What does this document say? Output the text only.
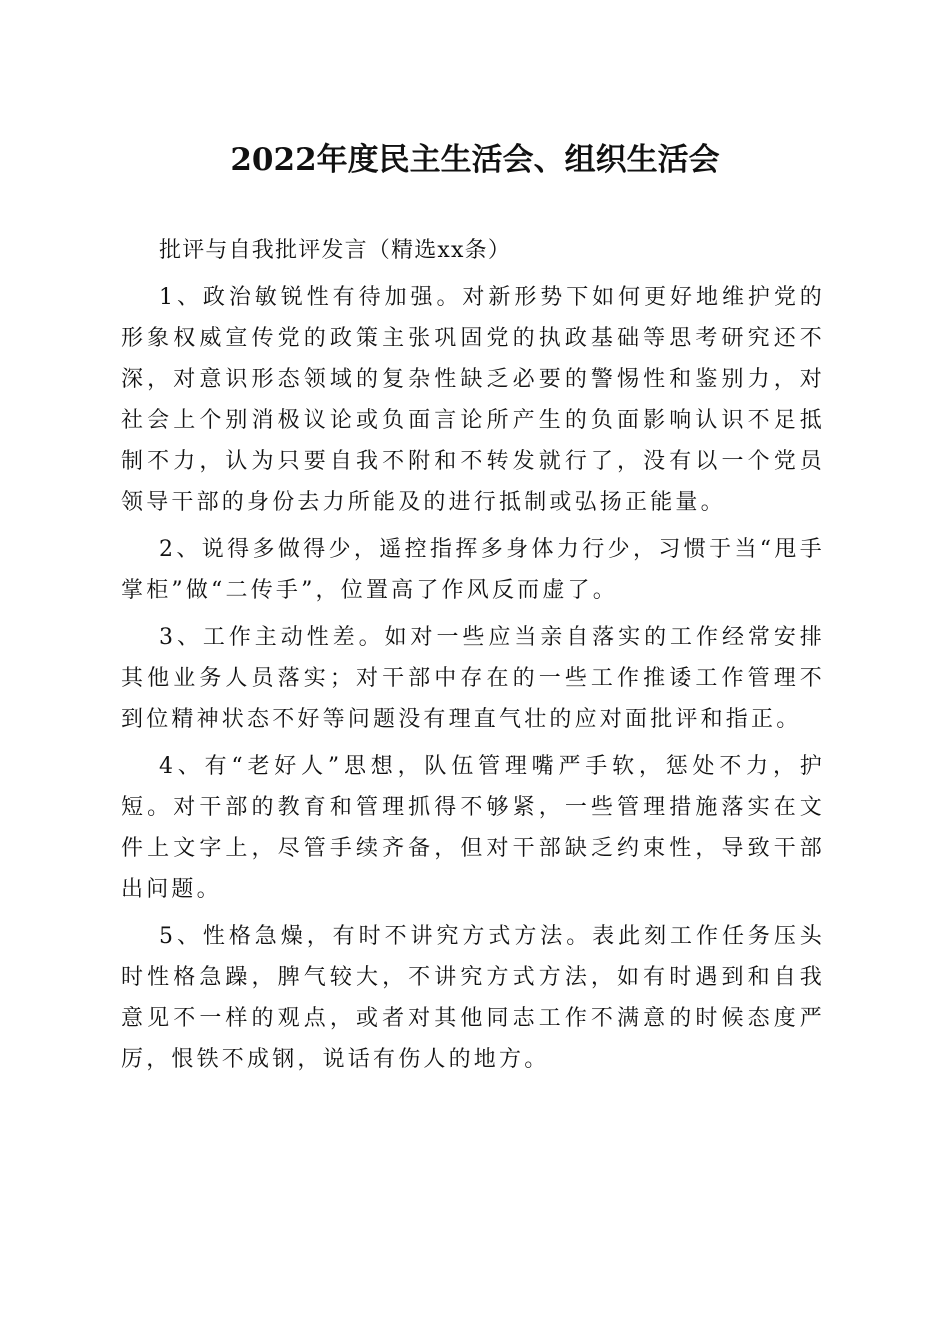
2022年度民主生活会、组织生活会

批评与自我批评发言（精选xx条）

1、政治敏锐性有待加强。对新形势下如何更好地维护党的形象权威宣传党的政策主张巩固党的执政基础等思考研究还不深，对意识形态领域的复杂性缺乏必要的警惕性和鉴别力，对社会上个别消极议论或负面言论所产生的负面影响认识不足抵制不力，认为只要自我不附和不转发就行了，没有以一个党员领导干部的身份去力所能及的进行抵制或弘扬正能量。

2、说得多做得少，遥控指挥多身体力行少，习惯于当“甩手掌柜”做“二传手”，位置高了作风反而虚了。

3、工作主动性差。如对一些应当亲自落实的工作经常安排其他业务人员落实；对干部中存在的一些工作推诿工作管理不到位精神状态不好等问题没有理直气壮的应对面批评和指正。

4、有“老好人”思想，队伍管理嘴严手软，惩处不力，护短。对干部的教育和管理抓得不够紧，一些管理措施落实在文件上文字上，尽管手续齐备，但对干部缺乏约束性，导致干部出问题。

5、性格急燥，有时不讲究方式方法。表此刻工作任务压头时性格急躁，脾气较大，不讲究方式方法，如有时遇到和自我意见不一样的观点，或者对其他同志工作不满意的时候态度严厉，恨铁不成钢，说话有伤人的地方。
